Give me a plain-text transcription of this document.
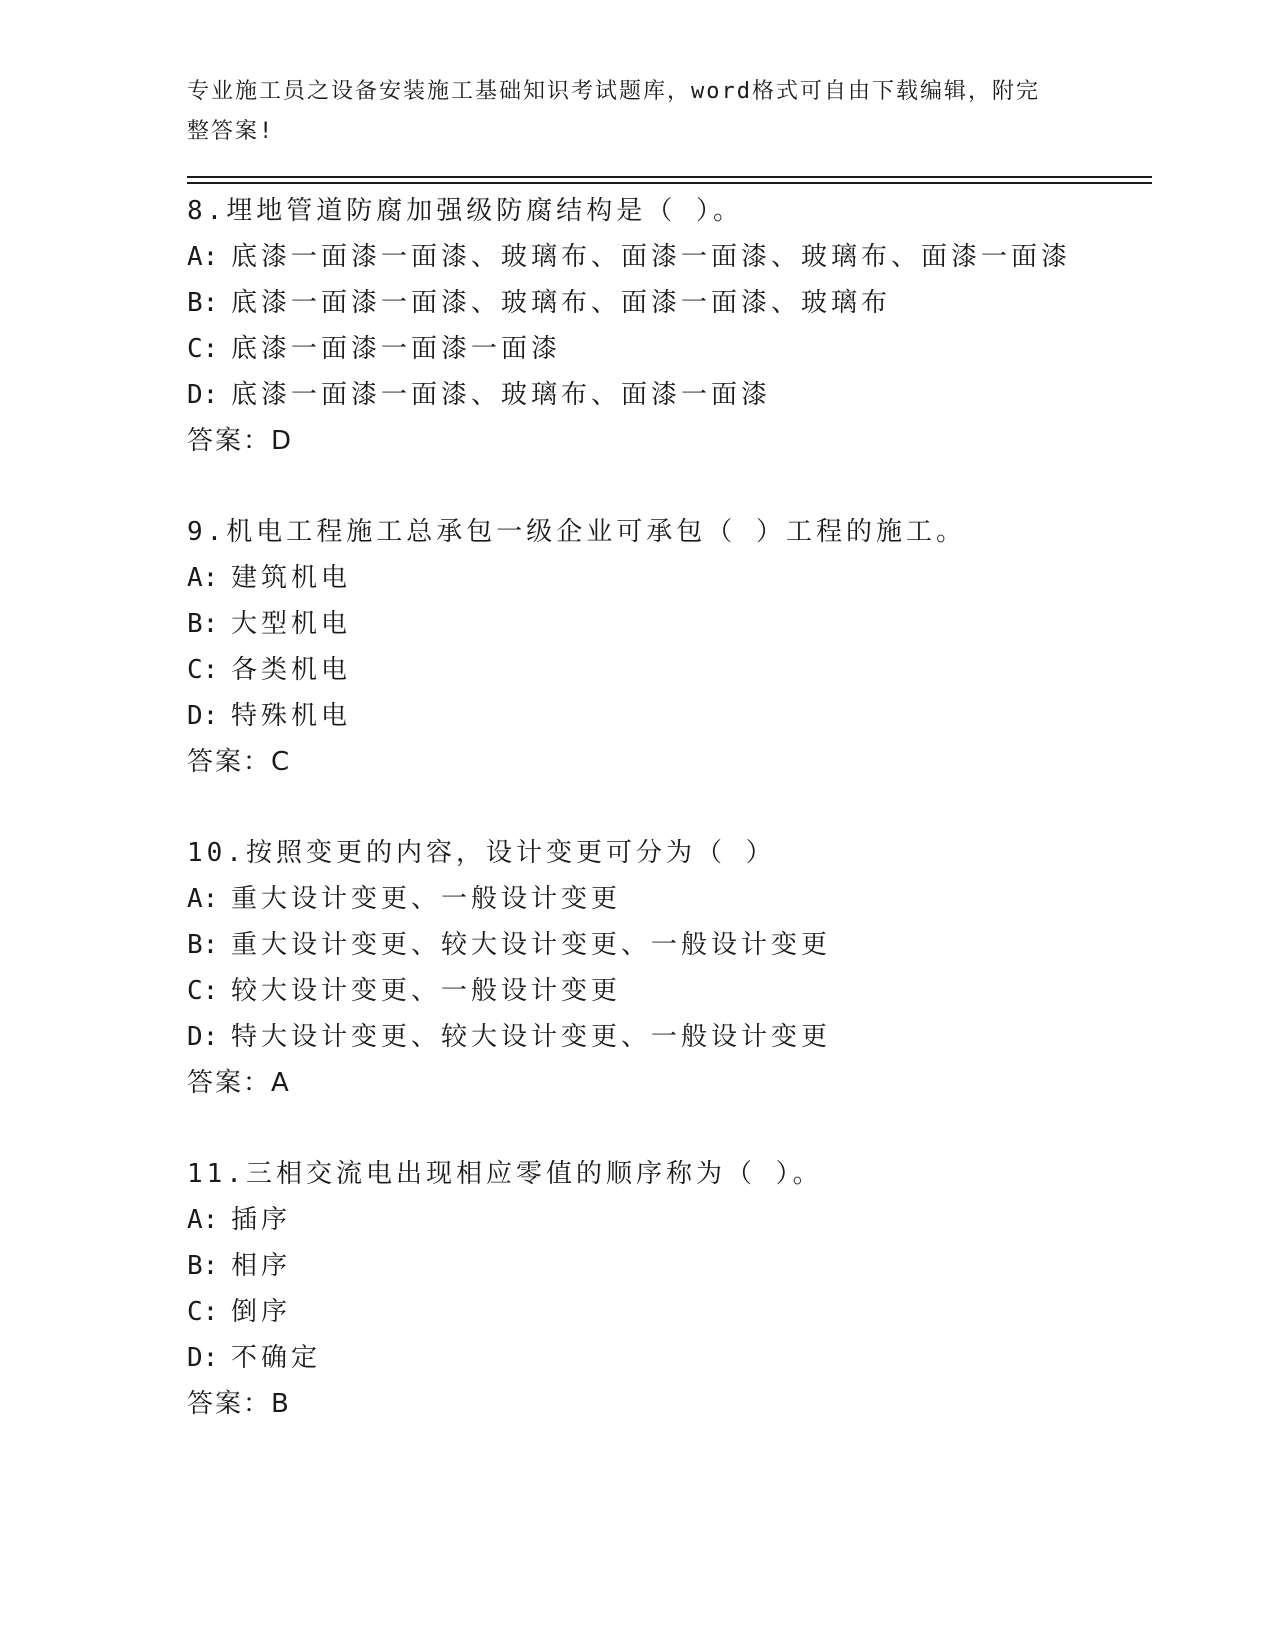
专业施工员之设备安装施工基础知识考试题库，word格式可自由下载编辑，附完
整答案!
8.埋地管道防腐加强级防腐结构是（ ）。
A: 底漆一面漆一面漆、玻璃布、面漆一面漆、玻璃布、面漆一面漆
B: 底漆一面漆一面漆、玻璃布、面漆一面漆、玻璃布
C: 底漆一面漆一面漆一面漆
D: 底漆一面漆一面漆、玻璃布、面漆一面漆
答案：D
9.机电工程施工总承包一级企业可承包（ ）工程的施工。
A: 建筑机电
B: 大型机电
C: 各类机电
D: 特殊机电
答案：C
10.按照变更的内容，设计变更可分为（ ）
A: 重大设计变更、一般设计变更
B: 重大设计变更、较大设计变更、一般设计变更
C: 较大设计变更、一般设计变更
D: 特大设计变更、较大设计变更、一般设计变更
答案：A
11.三相交流电出现相应零值的顺序称为（ ）。
A: 插序
B: 相序
C: 倒序
D: 不确定
答案：B
